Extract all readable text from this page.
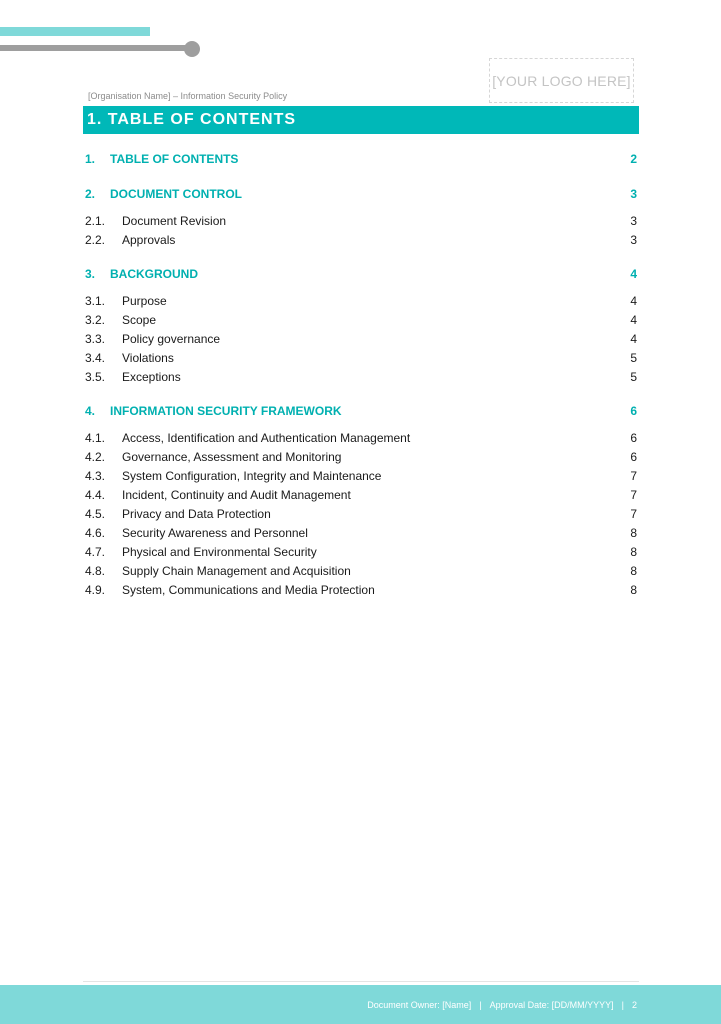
[YOUR LOGO HERE]
[Organisation Name] – Information Security Policy
1. TABLE OF CONTENTS
1.	TABLE OF CONTENTS	2
2.	DOCUMENT CONTROL	3
2.1.	Document Revision	3
2.2.	Approvals	3
3.	BACKGROUND	4
3.1.	Purpose	4
3.2.	Scope	4
3.3.	Policy governance	4
3.4.	Violations	5
3.5.	Exceptions	5
4.	INFORMATION SECURITY FRAMEWORK	6
4.1.	Access, Identification and Authentication Management	6
4.2.	Governance, Assessment and Monitoring	6
4.3.	System Configuration, Integrity and Maintenance	7
4.4.	Incident, Continuity and Audit Management	7
4.5.	Privacy and Data Protection	7
4.6.	Security Awareness and Personnel	8
4.7.	Physical and Environmental Security	8
4.8.	Supply Chain Management and Acquisition	8
4.9.	System, Communications and Media Protection	8
Document Owner: [Name] | Approval Date: [DD/MM/YYYY] | 2
